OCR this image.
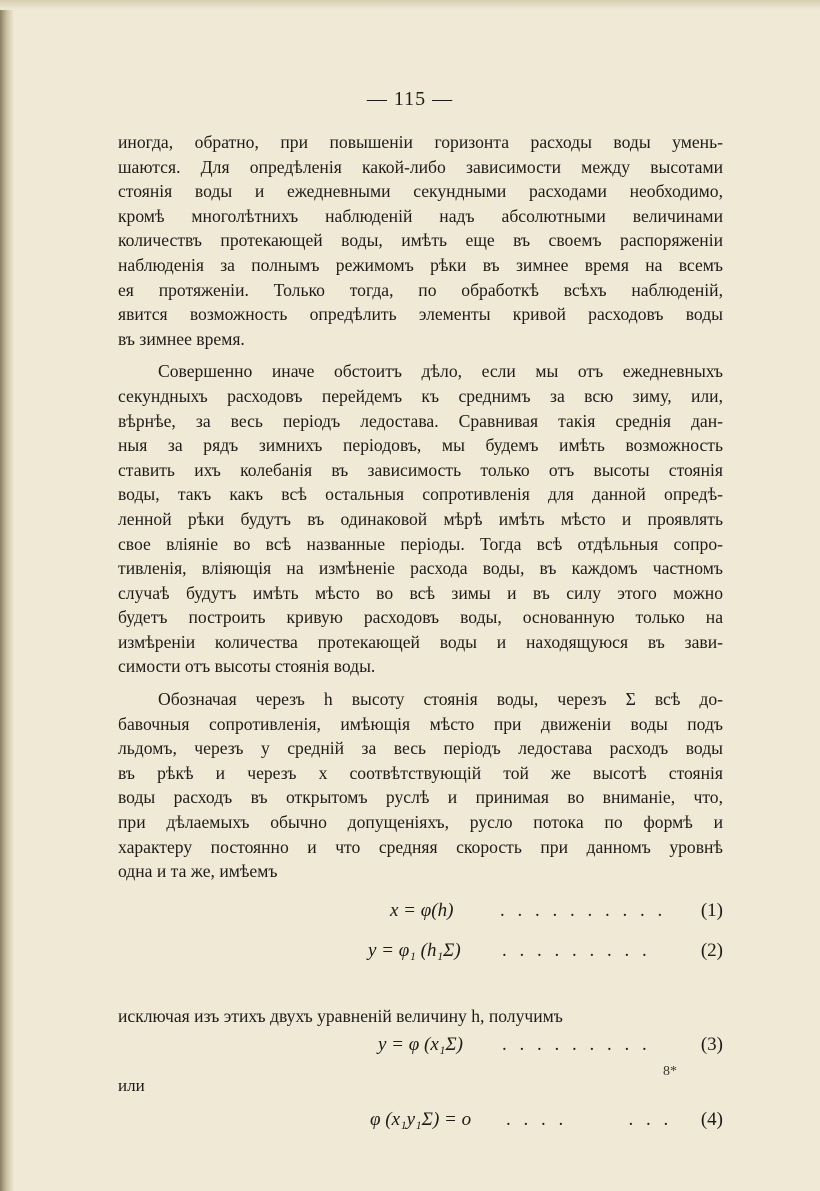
— 115 —
иногда, обратно, при повышеніи горизонта расходы воды умень-
шаются. Для опредѣленія какой-либо зависимости между высотами
стоянія воды и ежедневными секундными расходами необходимо,
кромѣ многолѣтнихъ наблюденій надъ абсолютными величинами
количествъ протекающей воды, имѣть еще въ своемъ распоряженіи
наблюденія за полнымъ режимомъ рѣки въ зимнее время на всемъ
ея протяженіи. Только тогда, по обработкѣ всѣхъ наблюденій,
явится возможность опредѣлить элементы кривой расходовъ воды
въ зимнее время.
Совершенно иначе обстоитъ дѣло, если мы отъ ежедневныхъ
секундныхъ расходовъ перейдемъ къ среднимъ за всю зиму, или,
вѣрнѣе, за весь періодъ ледостава. Сравнивая такія среднія дан-
ныя за рядъ зимнихъ періодовъ, мы будемъ имѣть возможность
ставить ихъ колебанія въ зависимость только отъ высоты стоянія
воды, такъ какъ всѣ остальныя сопротивленія для данной опредѣ-
ленной рѣки будутъ въ одинаковой мѣрѣ имѣть мѣсто и проявлять
свое вліяніе во всѣ названные періоды. Тогда всѣ отдѣльныя сопро-
тивленія, вліяющія на измѣненіе расхода воды, въ каждомъ частномъ
случаѣ будутъ имѣть мѣсто во всѣ зимы и въ силу этого можно
будетъ построить кривую расходовъ воды, основанную только на
измѣреніи количества протекающей воды и находящуюся въ зави-
симости отъ высоты стоянія воды.
Обозначая черезъ h высоту стоянія воды, черезъ Σ всѣ до-
бавочныя сопротивленія, имѣющія мѣсто при движеніи воды подъ
льдомъ, черезъ y средній за весь періодъ ледостава расходъ воды
въ рѣкѣ и черезъ x соотвѣтствующій той же высотѣ стоянія
воды расходъ въ открытомъ руслѣ и принимая во вниманіе, что,
при дѣлаемыхъ обычно допущеніяхъ, русло потока по формѣ и
характеру постоянно и что средняя скорость при данномъ уровнѣ
одна и та же, имѣемъ
x = φ(h) . . . . . . . . . . (1)
y = φ₁ (h₁Σ) . . . . . . . . .	(2)
исключая изъ этихъ двухъ уравненій величину h, получимъ
y = φ (x₁Σ) . . . . . . . . .	(3)
или
φ (x₁y₁Σ) = o . . . .       . . . (4)
8*
